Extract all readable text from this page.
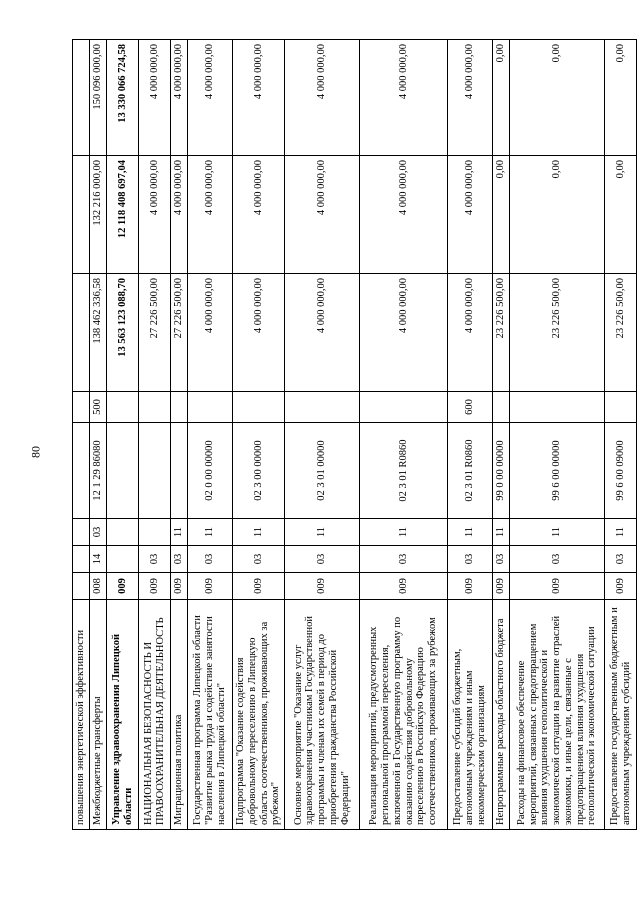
80
повышения энергетической эффективности								
Межбюджетные трансферты	008	14	03	12 1 29 86080	500	138 462 336,58	132 216 000,00	150 096 000,00
Управление здравоохранения Липецкой области	009					13 563 123 088,70	12 118 408 697,04	13 330 066 724,58
НАЦИОНАЛЬНАЯ БЕЗОПАСНОСТЬ И ПРАВООХРАНИТЕЛЬНАЯ ДЕЯТЕЛЬНОСТЬ	009	03				27 226 500,00	4 000 000,00	4 000 000,00
Миграционная политика	009	03	11			27 226 500,00	4 000 000,00	4 000 000,00
Государственная программа Липецкой области "Развитие рынка труда и содействие занятости населения в Липецкой области"	009	03	11	02 0 00 00000		4 000 000,00	4 000 000,00	4 000 000,00
Подпрограмма "Оказание содействия добровольному переселению в Липецкую область соотечественников, проживающих за рубежом"	009	03	11	02 3 00 00000		4 000 000,00	4 000 000,00	4 000 000,00
Основное мероприятие "Оказание услуг здравоохранения участникам Государственной программы и членам их семей в период до приобретения гражданства Российской Федерации"	009	03	11	02 3 01 00000		4 000 000,00	4 000 000,00	4 000 000,00
Реализация мероприятий, предусмотренных региональной программой переселения, включенной в Государственную программу по оказанию содействия добровольному переселению в Российскую Федерацию соотечественников, проживающих за рубежом	009	03	11	02 3 01 R0860		4 000 000,00	4 000 000,00	4 000 000,00
Предоставление субсидий бюджетным, автономным учреждениям и иным некоммерческим организациям	009	03	11	02 3 01 R0860	600	4 000 000,00	4 000 000,00	4 000 000,00
Непрограммные расходы областного бюджета	009	03	11	99 0 00 00000		23 226 500,00	0,00	0,00
Расходы на финансовое обеспечение мероприятий, связанных с предотвращением влияния ухудшения геополитической и экономической ситуации на развитие отраслей экономики, и иные цели, связанные с предотвращением влияния ухудшения геополитической и экономической ситуации	009	03	11	99 6 00 00000		23 226 500,00	0,00	0,00
Предоставление государственным бюджетным и автономным учреждениям субсидий	009	03	11	99 6 00 09000		23 226 500,00	0,00	0,00
